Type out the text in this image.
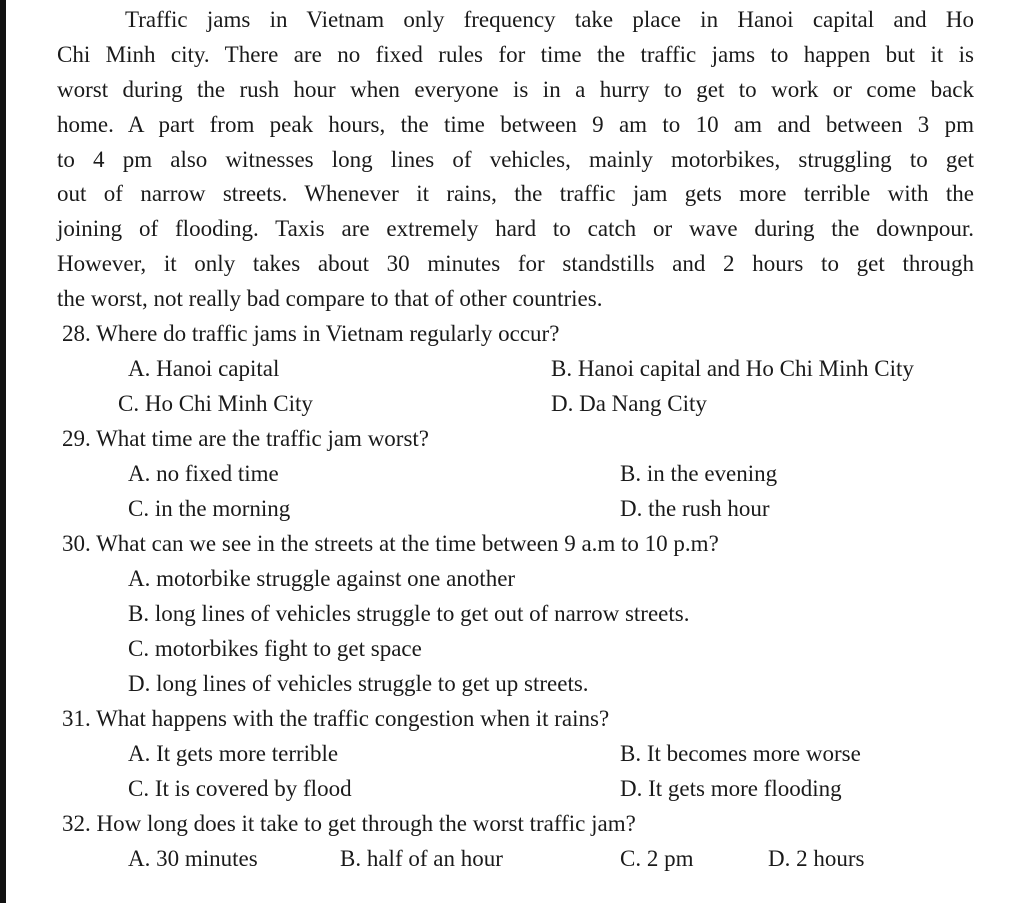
Traffic jams in Vietnam only frequency take place in Hanoi capital and Ho
Chi Minh city. There are no fixed rules for time the traffic jams to happen but it is
worst during the rush hour when everyone is in a hurry to get to work or come back
home. A part from peak hours, the time between 9 am to 10 am and between 3 pm
to 4 pm also witnesses long lines of vehicles, mainly motorbikes, struggling to get
out of narrow streets. Whenever it rains, the traffic jam gets more terrible with the
joining of flooding. Taxis are extremely hard to catch or wave during the downpour.
However, it only takes about 30 minutes for standstills and 2 hours to get through
the worst, not really bad compare to that of other countries.
28. Where do traffic jams in Vietnam regularly occur?
A. Hanoi capital	B. Hanoi capital and Ho Chi Minh City
C. Ho Chi Minh City	D. Da Nang City
29. What time are the traffic jam worst?
A. no fixed time	B. in the evening
C. in the morning	D. the rush hour
30. What can we see in the streets at the time between 9 a.m to 10 p.m?
A. motorbike struggle against one another
B. long lines of vehicles struggle to get out of narrow streets.
C. motorbikes fight to get space
D. long lines of vehicles struggle to get up streets.
31. What happens with the traffic congestion when it rains?
A. It gets more terrible	B. It becomes more worse
C. It is covered by flood	D. It gets more flooding
32. How long does it take to get through the worst traffic jam?
A. 30 minutes	B. half of an hour	C. 2 pm	D. 2 hours
